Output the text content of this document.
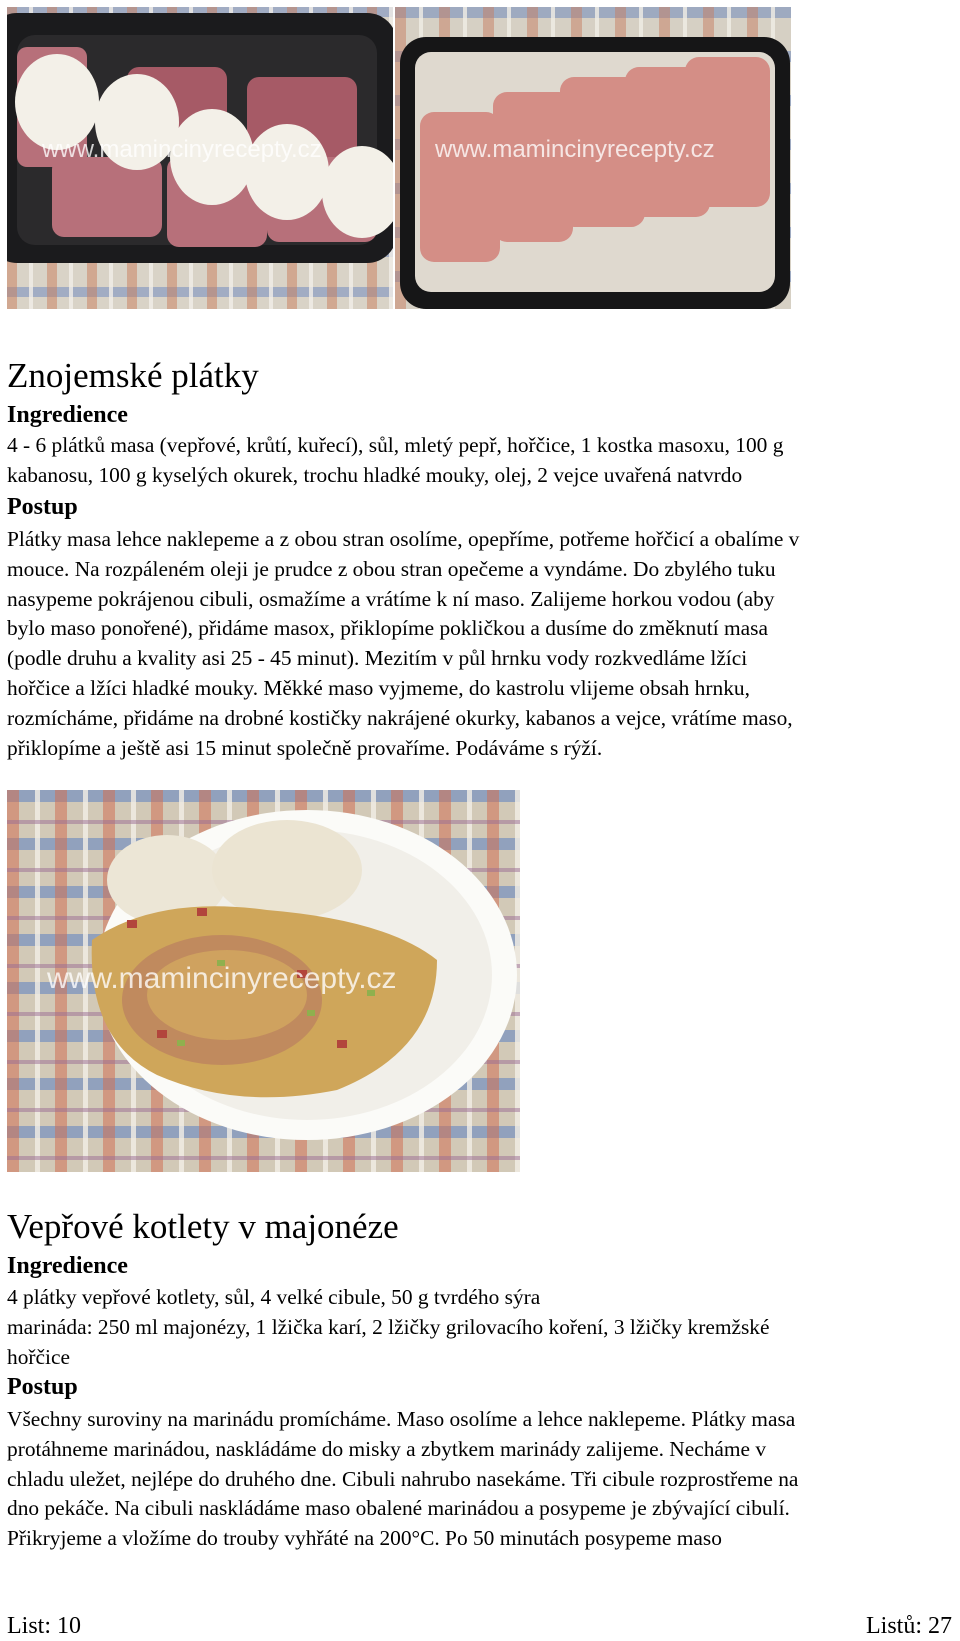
www.mamincinyrecepty.cz	www.mamincinyrecepty.cz
Znojemské plátky
Ingredience
4 - 6 plátků masa (vepřové, krůtí, kuřecí), sůl, mletý pepř, hořčice, 1 kostka masoxu, 100 g
kabanosu, 100 g kyselých okurek, trochu hladké mouky, olej, 2 vejce uvařená natvrdo
Postup
Plátky masa lehce naklepeme a z obou stran osolíme, opepříme, potřeme hořčicí a obalíme v
mouce. Na rozpáleném oleji je prudce z obou stran opečeme a vyndáme. Do zbylého tuku
nasypeme pokrájenou cibuli, osmažíme a vrátíme k ní maso. Zalijeme horkou vodou (aby
bylo maso ponořené), přidáme masox, přiklopíme pokličkou a dusíme do změknutí masa
(podle druhu a kvality asi 25 - 45 minut). Mezitím v půl hrnku vody rozkvedláme lžíci
hořčice a lžíci hladké mouky. Měkké maso vyjmeme, do kastrolu vlijeme obsah hrnku,
rozmícháme, přidáme na drobné kostičky nakrájené okurky, kabanos a vejce, vrátíme maso,
přiklopíme a ještě asi 15 minut společně provaříme. Podáváme s rýží.
www.mamincinyrecepty.cz
Vepřové kotlety v majonéze
Ingredience
4 plátky vepřové kotlety, sůl, 4 velké cibule, 50 g tvrdého sýra
marináda: 250 ml majonézy, 1 lžička karí, 2 lžičky grilovacího koření, 3 lžičky kremžské
hořčice
Postup
Všechny suroviny na marinádu promícháme. Maso osolíme a lehce naklepeme. Plátky masa
protáhneme marinádou, naskládáme do misky a zbytkem marinády zalijeme. Necháme v
chladu uležet, nejlépe do druhého dne. Cibuli nahrubo nasekáme. Tři cibule rozprostřeme na
dno pekáče. Na cibuli naskládáme maso obalené marinádou a posypeme je zbývající cibulí.
Přikryjeme a vložíme do trouby vyhřáté na 200°C. Po 50 minutách posypeme maso
List: 10	Listů: 27
